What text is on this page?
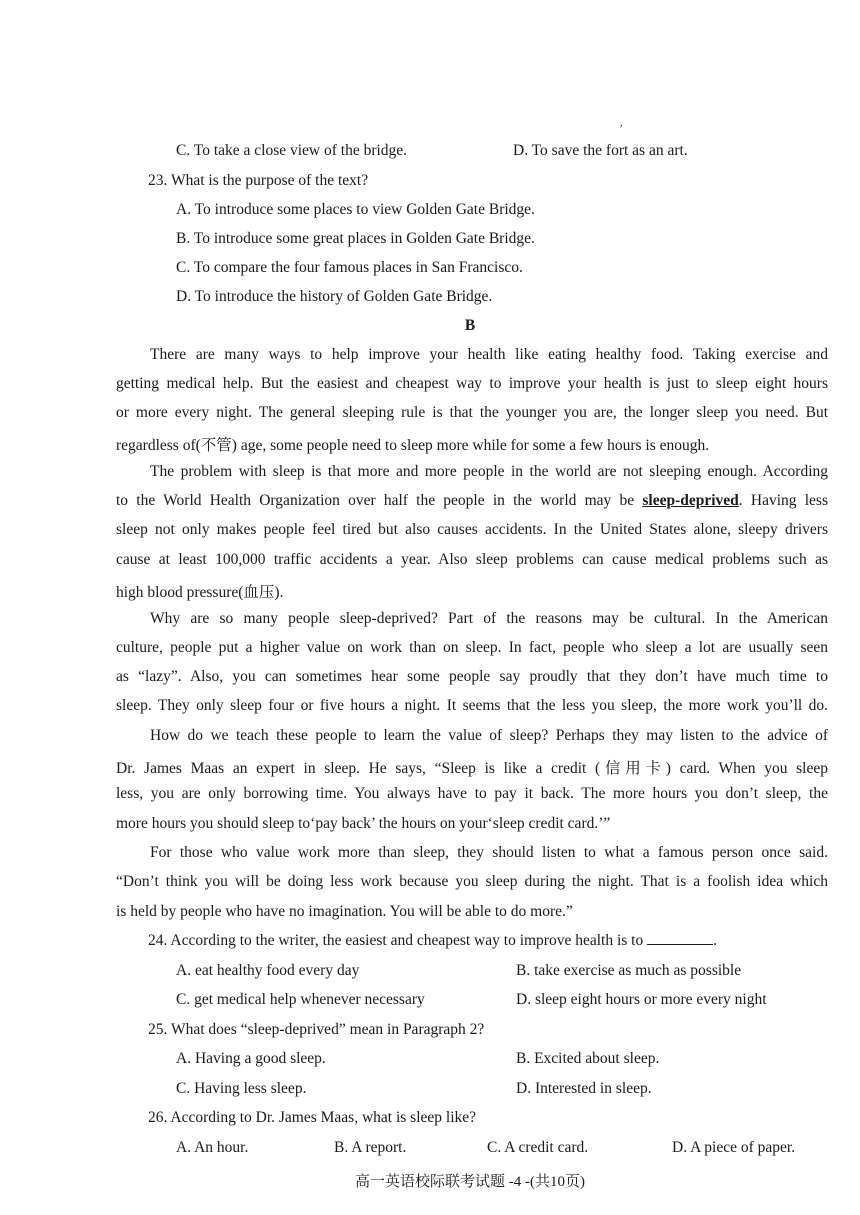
,
C. To take a close view of the bridge.	D. To save the fort as an art.
23. What is the purpose of the text?
A. To introduce some places to view Golden Gate Bridge.
B. To introduce some great places in Golden Gate Bridge.
C. To compare the four famous places in San Francisco.
D. To introduce the history of Golden Gate Bridge.
B
There are many ways to help improve your health like eating healthy food. Taking exercise and
getting medical help. But the easiest and cheapest way to improve your health is just to sleep eight hours
or more every night. The general sleeping rule is that the younger you are, the longer sleep you need. But
regardless of(不管) age, some people need to sleep more while for some a few hours is enough.
The problem with sleep is that more and more people in the world are not sleeping enough. According
to the World Health Organization over half the people in the world may be sleep-deprived. Having less
sleep not only makes people feel tired but also causes accidents. In the United States alone, sleepy drivers
cause at least 100,000 traffic accidents a year. Also sleep problems can cause medical problems such as
high blood pressure(血压).
Why are so many people sleep-deprived? Part of the reasons may be cultural. In the American
culture, people put a higher value on work than on sleep. In fact, people who sleep a lot are usually seen
as “lazy”. Also, you can sometimes hear some people say proudly that they don’t have much time to
sleep. They only sleep four or five hours a night. It seems that the less you sleep, the more work you’ll do.
How do we teach these people to learn the value of sleep? Perhaps they may listen to the advice of
Dr. James Maas an expert in sleep. He says, “Sleep is like a credit (信用卡) card. When you sleep
less, you are only borrowing time. You always have to pay it back. The more hours you don’t sleep, the
more hours you should sleep to‘pay back’ the hours on your‘sleep credit card.’”
For those who value work more than sleep, they should listen to what a famous person once said.
“Don’t think you will be doing less work because you sleep during the night. That is a foolish idea which
is held by people who have no imagination. You will be able to do more.”
24. According to the writer, the easiest and cheapest way to improve health is to	.
A. eat healthy food every day	B. take exercise as much as possible
C. get medical help whenever necessary	D. sleep eight hours or more every night
25. What does “sleep-deprived” mean in Paragraph 2?
A. Having a good sleep.	B. Excited about sleep.
C. Having less sleep.	D. Interested in sleep.
26. According to Dr. James Maas, what is sleep like?
A. An hour.	B. A report.	C. A credit card.	D. A piece of paper.
高一英语校际联考试题 -4 -(共10页)
